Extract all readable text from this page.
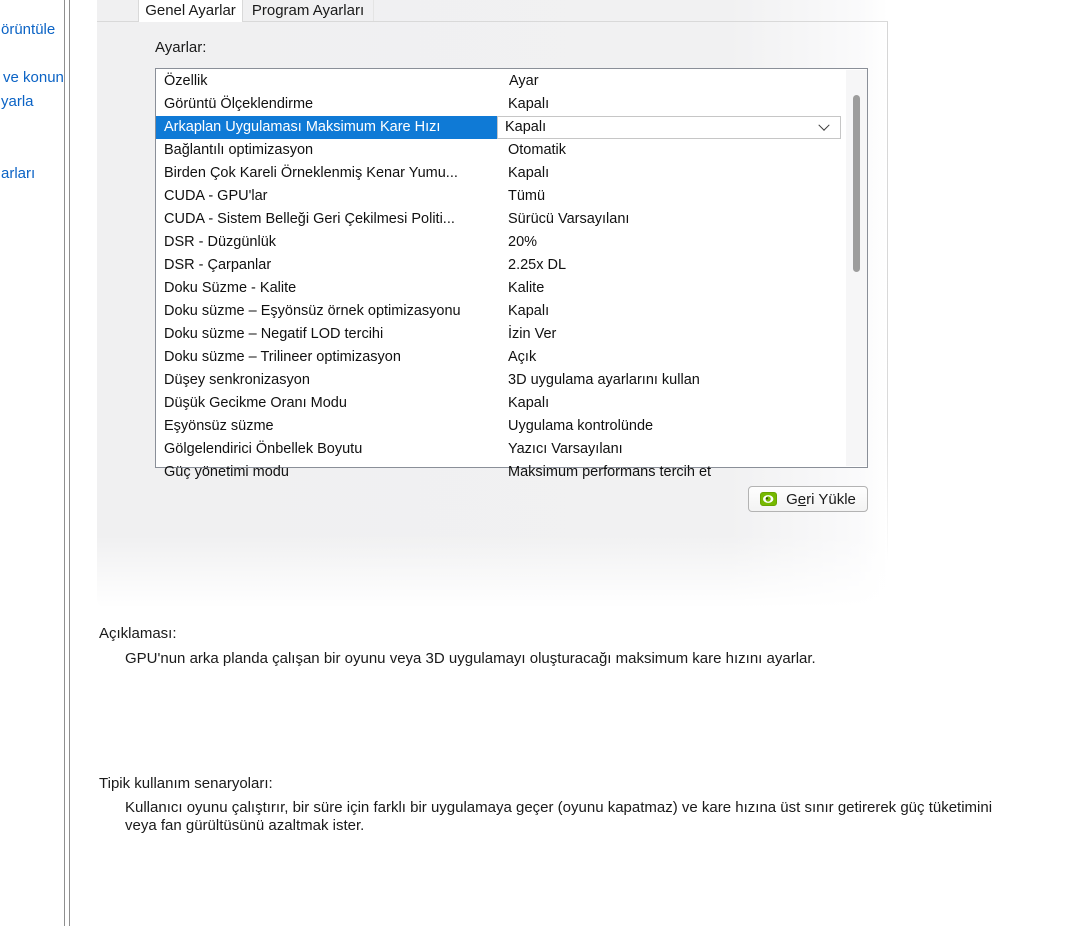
örüntüle
ve konun
yarla
arları
Genel Ayarlar	Program Ayarları
Ayarlar:
Özellik	Ayar
Görüntü Ölçeklendirme	Kapalı
Arkaplan Uygulaması Maksimum Kare Hızı	Kapalı
Bağlantılı optimizasyon	Otomatik
Birden Çok Kareli Örneklenmiş Kenar Yumu...	Kapalı
CUDA - GPU'lar	Tümü
CUDA - Sistem Belleği Geri Çekilmesi Politi...	Sürücü Varsayılanı
DSR - Düzgünlük	20%
DSR - Çarpanlar	2.25x DL
Doku Süzme - Kalite	Kalite
Doku süzme – Eşyönsüz örnek optimizasyonu	Kapalı
Doku süzme – Negatif LOD tercihi	İzin Ver
Doku süzme – Trilineer optimizasyon	Açık
Düşey senkronizasyon	3D uygulama ayarlarını kullan
Düşük Gecikme Oranı Modu	Kapalı
Eşyönsüz süzme	Uygulama kontrolünde
Gölgelendirici Önbellek Boyutu	Yazıcı Varsayılanı
Güç yönetimi modu	Maksimum performans tercih et
Geri Yükle
Açıklaması:
GPU'nun arka planda çalışan bir oyunu veya 3D uygulamayı oluşturacağı maksimum kare hızını ayarlar.
Tipik kullanım senaryoları:
Kullanıcı oyunu çalıştırır, bir süre için farklı bir uygulamaya geçer (oyunu kapatmaz) ve kare hızına üst sınır getirerek güç tüketimini veya fan gürültüsünü azaltmak ister.
